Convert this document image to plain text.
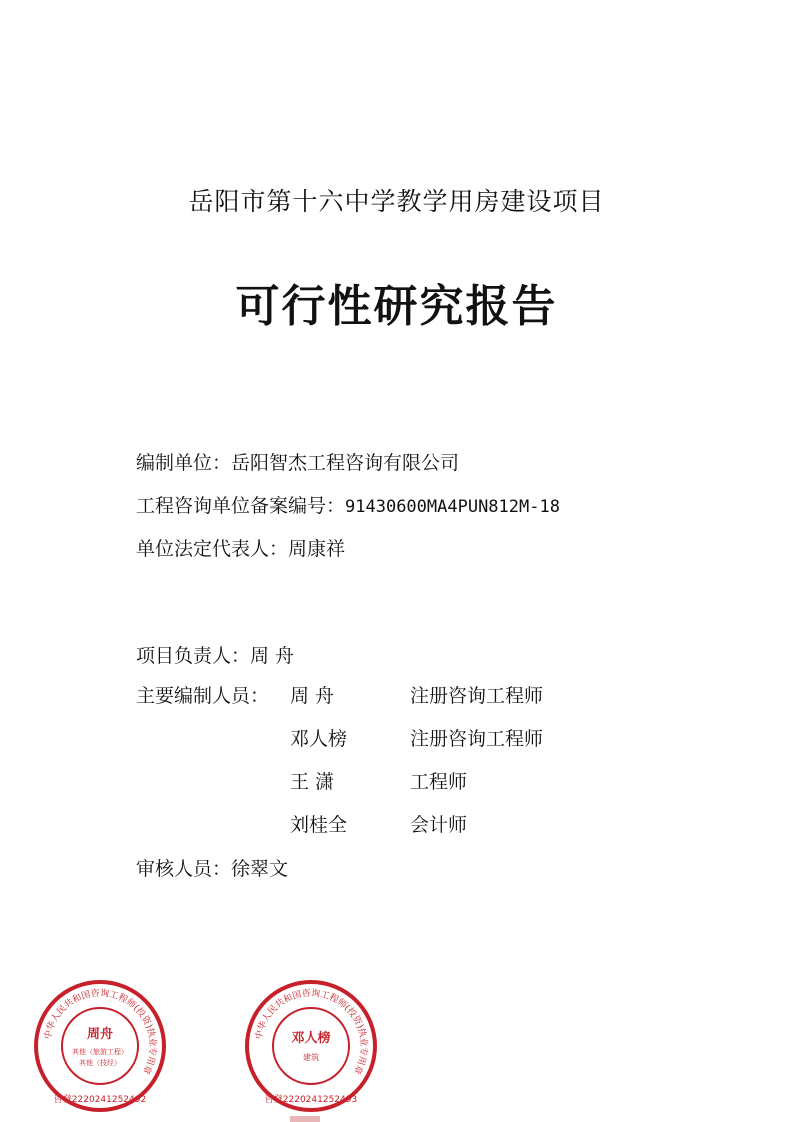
岳阳市第十六中学教学用房建设项目
可行性研究报告
编制单位：岳阳智杰工程咨询有限公司
工程咨询单位备案编号：91430600MA4PUN812M-18
单位法定代表人：周康祥
项目负责人：周 舟
主要编制人员： 周 舟	注册咨询工程师
邓人榜	注册咨询工程师
王 潇	工程师
刘桂全	会计师
审核人员：徐翠文
中华人民共和国咨询工程师(投资)执业专用章
周舟
其他（旅游工程）
其他（技经）
咨登2220241252492
中华人民共和国咨询工程师(投资)执业专用章
邓人榜
建筑
咨登2220241252493
